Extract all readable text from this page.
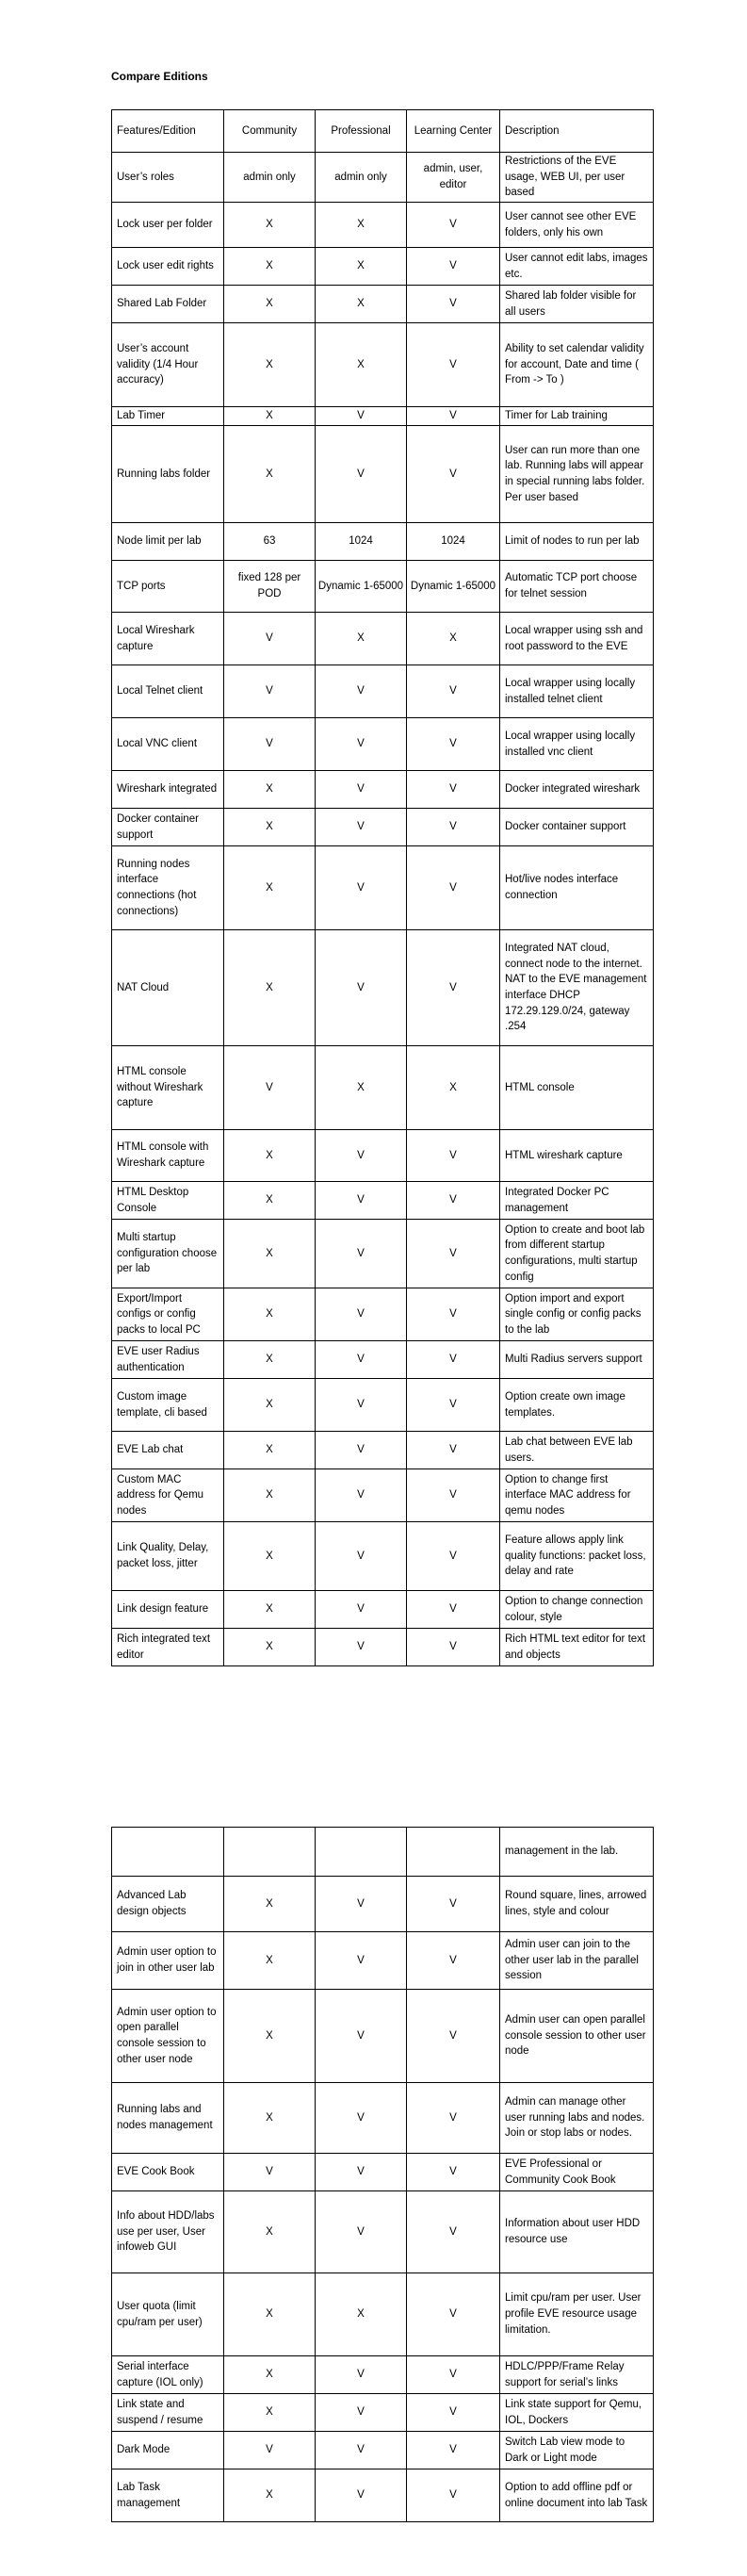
Compare Editions
Features/Edition	Community	Professional	Learning Center	Description
User’s roles	admin only	admin only	admin, user, editor	Restrictions of the EVE usage, WEB UI, per user based
Lock user per folder	X	X	V	User cannot see other EVE folders, only his own
Lock user edit rights	X	X	V	User cannot edit labs, images etc.
Shared Lab Folder	X	X	V	Shared lab folder visible for all users
User’s account validity (1/4 Hour accuracy)	X	X	V	Ability to set calendar validity for account, Date and time ( From -> To )
Lab Timer	X	V	V	Timer for Lab training
Running labs folder	X	V	V	User can run more than one lab. Running labs will appear in special running labs folder. Per user based
Node limit per lab	63	1024	1024	Limit of nodes to run per lab
TCP ports	fixed 128 per POD	Dynamic 1-65000	Dynamic 1-65000	Automatic TCP port choose for telnet session
Local Wireshark capture	V	X	X	Local wrapper using ssh and root password to the EVE
Local Telnet client	V	V	V	Local wrapper using locally installed telnet client
Local VNC client	V	V	V	Local wrapper using locally installed vnc client
Wireshark integrated	X	V	V	Docker integrated wireshark
Docker container support	X	V	V	Docker container support
Running nodes interface connections (hot connections)	X	V	V	Hot/live nodes interface connection
NAT Cloud	X	V	V	Integrated NAT cloud, connect node to the internet. NAT to the EVE management interface DHCP 172.29.129.0/24, gateway .254
HTML console without Wireshark capture	V	X	X	HTML console
HTML console with Wireshark capture	X	V	V	HTML wireshark capture
HTML Desktop Console	X	V	V	Integrated Docker PC management
Multi startup configuration choose per lab	X	V	V	Option to create and boot lab from different startup configurations, multi startup config
Export/Import configs or config packs to local PC	X	V	V	Option import and export single config or config packs to the lab
EVE user Radius authentication	X	V	V	Multi Radius servers support
Custom image template, cli based	X	V	V	Option create own image templates.
EVE Lab chat	X	V	V	Lab chat between EVE lab users.
Custom MAC address for Qemu nodes	X	V	V	Option to change first interface MAC address for qemu nodes
Link Quality, Delay, packet loss, jitter	X	V	V	Feature allows apply link quality functions: packet loss, delay and rate
Link design feature	X	V	V	Option to change connection colour, style
Rich integrated text editor	X	V	V	Rich HTML text editor for text and objects
				management in the lab.
Advanced Lab design objects	X	V	V	Round square, lines, arrowed lines, style and colour
Admin user option to join in other user lab	X	V	V	Admin user can join to the other user lab in the parallel session
Admin user option to open parallel console session to other user node	X	V	V	Admin user can open parallel console session to other user node
Running labs and nodes management	X	V	V	Admin can manage other user running labs and nodes. Join or stop labs or nodes.
EVE Cook Book	V	V	V	EVE Professional or Community Cook Book
Info about HDD/labs use per user, User infoweb GUI	X	V	V	Information about user HDD resource use
User quota (limit cpu/ram per user)	X	X	V	Limit cpu/ram per user. User profile EVE resource usage limitation.
Serial interface capture (IOL only)	X	V	V	HDLC/PPP/Frame Relay support for serial’s links
Link state and suspend / resume	X	V	V	Link state support for Qemu, IOL, Dockers
Dark Mode	V	V	V	Switch Lab view mode to Dark or Light mode
Lab Task management	X	V	V	Option to add offline pdf or online document into lab Task
